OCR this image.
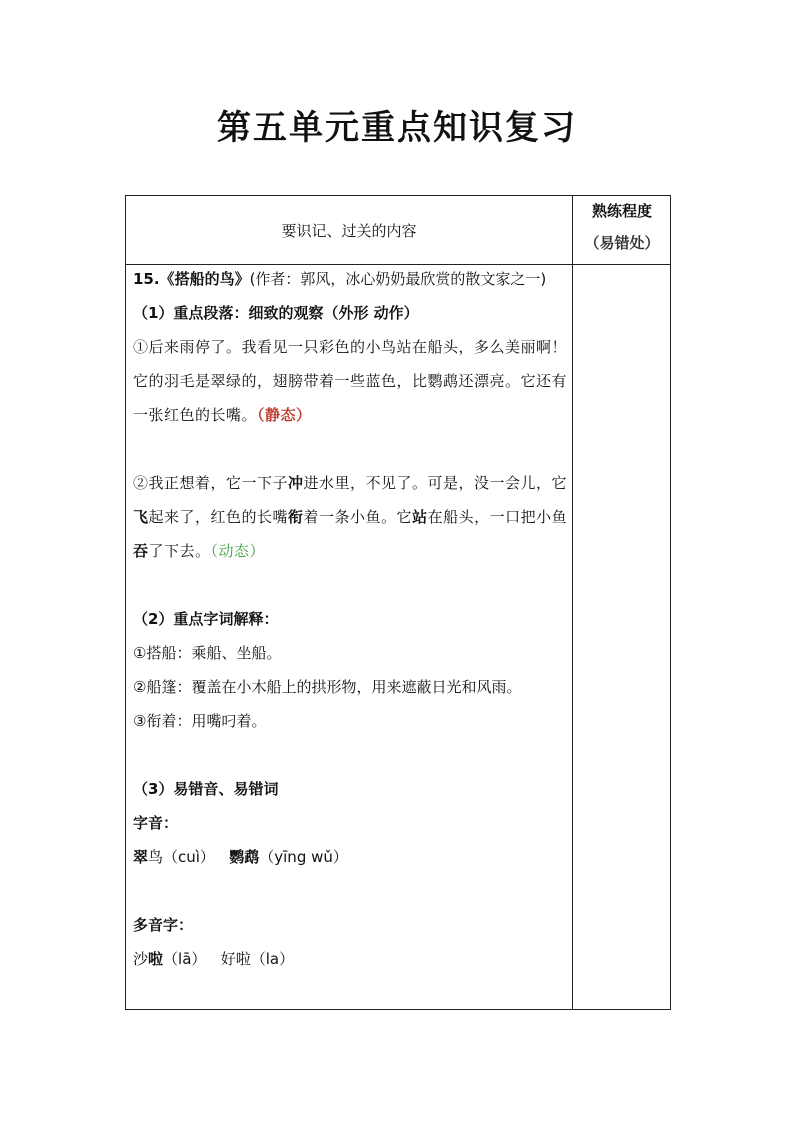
第五单元重点知识复习
要识记、过关的内容
熟练程度
（易错处）
15.《搭船的鸟》(作者：郭风，冰心奶奶最欣赏的散文家之一)
（1）重点段落：细致的观察（外形 动作）
①后来雨停了。我看见一只彩色的小鸟站在船头，多么美丽啊！
它的羽毛是翠绿的，翅膀带着一些蓝色，比鹦鹉还漂亮。它还有
一张红色的长嘴。（静态）
②我正想着，它一下子冲进水里，不见了。可是，没一会儿，它
飞起来了，红色的长嘴衔着一条小鱼。它站在船头，一口把小鱼
吞了下去。（动态）
（2）重点字词解释：
①搭船：乘船、坐船。
②船篷：覆盖在小木船上的拱形物，用来遮蔽日光和风雨。
③衔着：用嘴叼着。
（3）易错音、易错词
字音：
翠鸟（cuì） 鹦鹉（yīng wǔ）
多音字：
沙啦（lā） 好啦（la）
